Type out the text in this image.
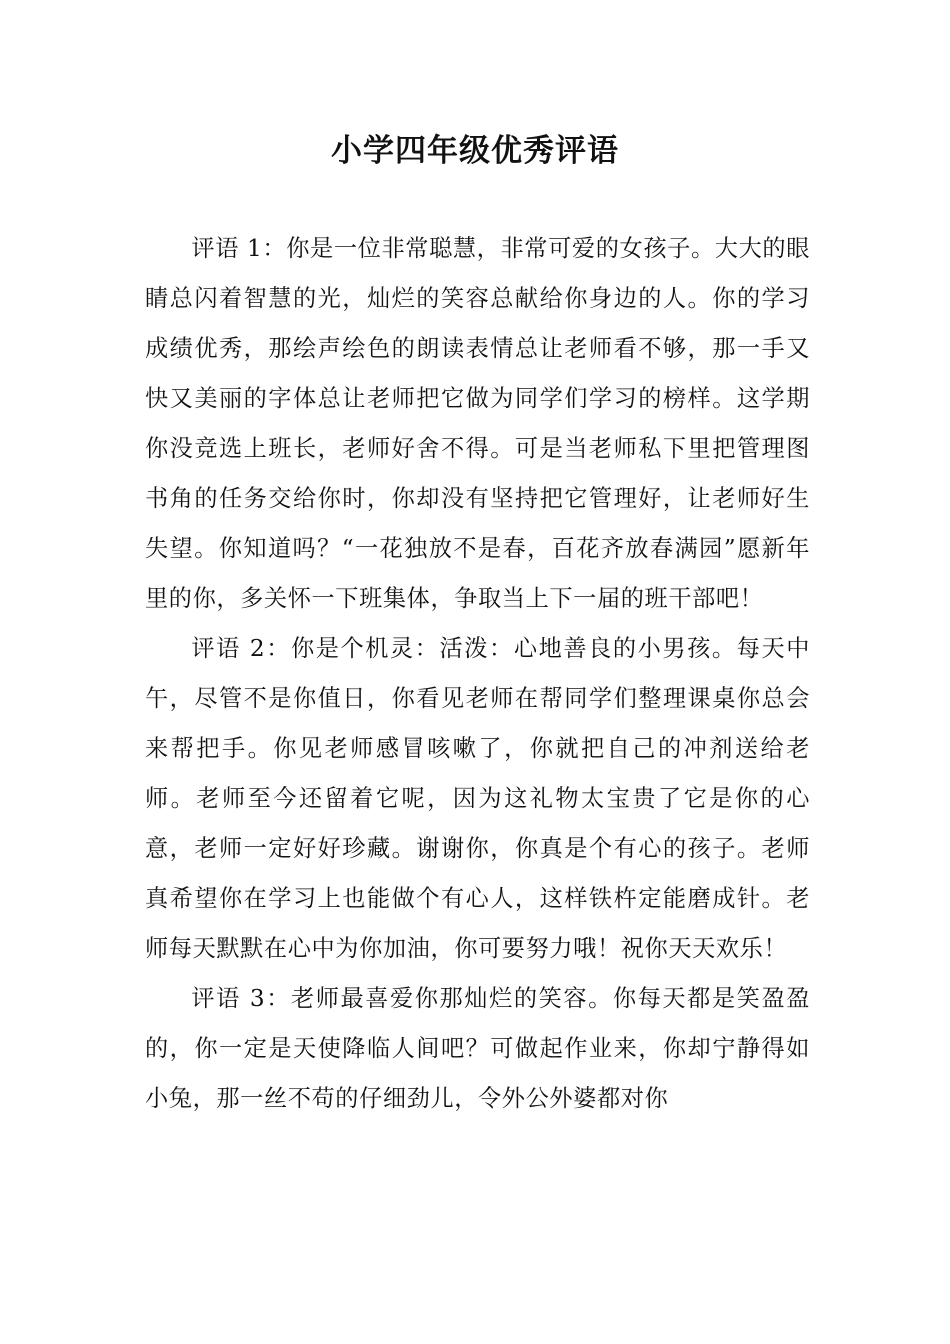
小学四年级优秀评语

评语 1：你是一位非常聪慧，非常可爱的女孩子。大大的眼睛总闪着智慧的光，灿烂的笑容总献给你身边的人。你的学习成绩优秀，那绘声绘色的朗读表情总让老师看不够，那一手又快又美丽的字体总让老师把它做为同学们学习的榜样。这学期你没竞选上班长，老师好舍不得。可是当老师私下里把管理图书角的任务交给你时，你却没有坚持把它管理好，让老师好生失望。你知道吗？“一花独放不是春，百花齐放春满园”愿新年里的你，多关怀一下班集体，争取当上下一届的班干部吧！

评语 2：你是个机灵：活泼：心地善良的小男孩。每天中午，尽管不是你值日，你看见老师在帮同学们整理课桌你总会来帮把手。你见老师感冒咳嗽了，你就把自己的冲剂送给老师。老师至今还留着它呢，因为这礼物太宝贵了它是你的心意，老师一定好好珍藏。谢谢你，你真是个有心的孩子。老师真希望你在学习上也能做个有心人，这样铁杵定能磨成针。老师每天默默在心中为你加油，你可要努力哦！祝你天天欢乐！

评语 3：老师最喜爱你那灿烂的笑容。你每天都是笑盈盈的，你一定是天使降临人间吧？可做起作业来，你却宁静得如小兔，那一丝不苟的仔细劲儿，令外公外婆都对你
